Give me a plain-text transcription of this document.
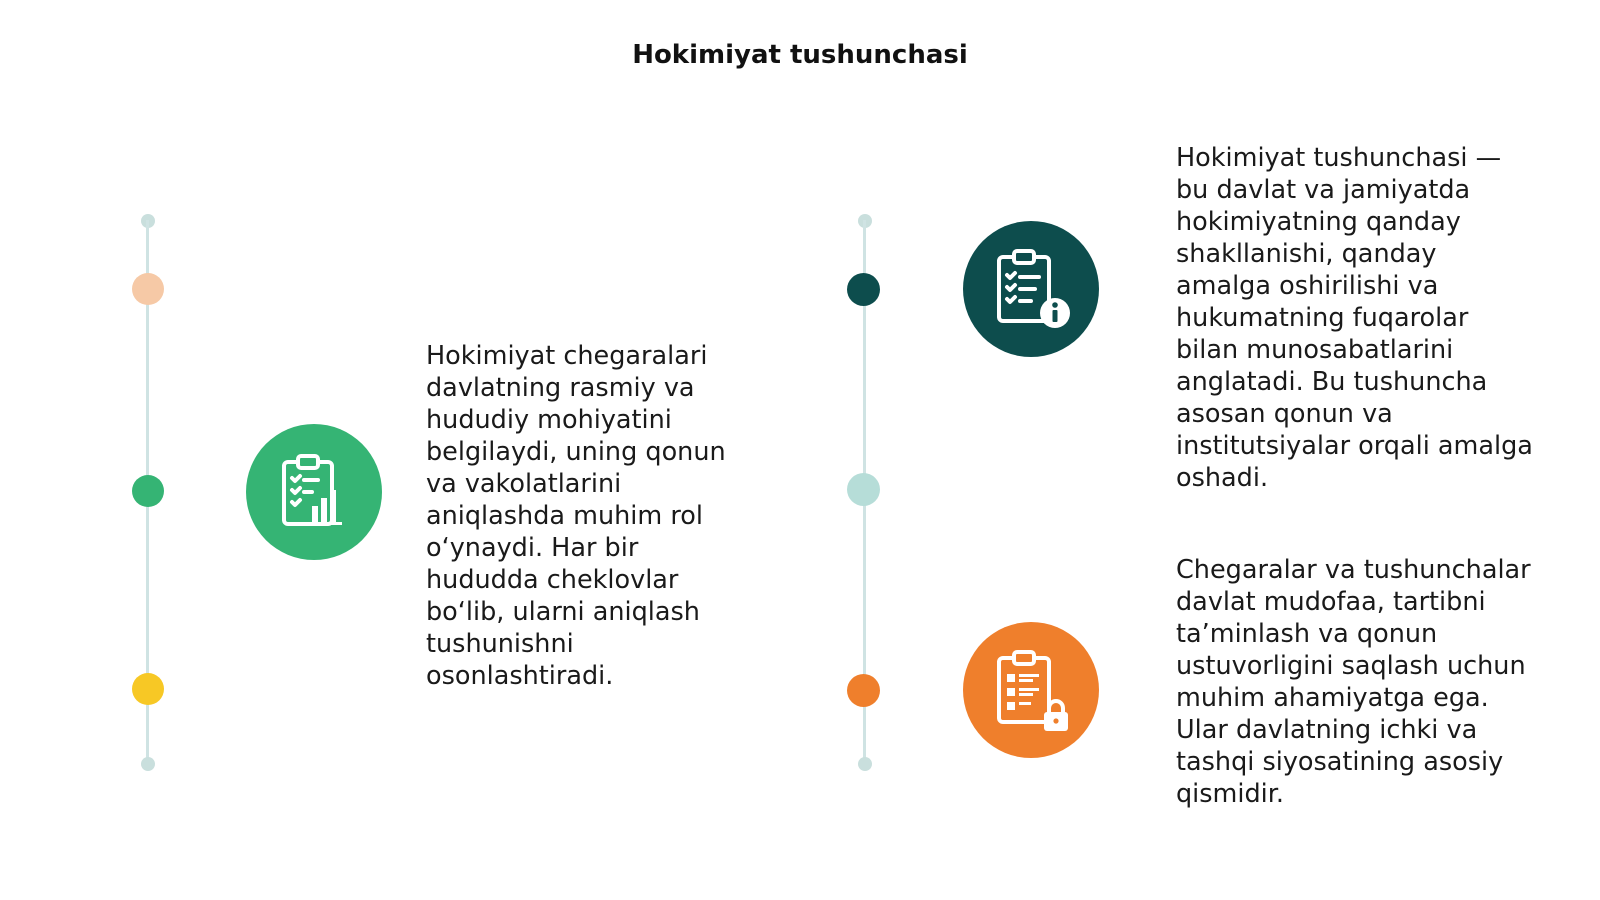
Hokimiyat tushunchasi
Hokimiyat chegaralari
davlatning rasmiy va
hududiy mohiyatini
belgilaydi, uning qonun
va vakolatlarini
aniqlashda muhim rol
o‘ynaydi. Har bir
hududda cheklovlar
bo‘lib, ularni aniqlash
tushunishni
osonlashtiradi.
Hokimiyat tushunchasi —
bu davlat va jamiyatda
hokimiyatning qanday
shakllanishi, qanday
amalga oshirilishi va
hukumatning fuqarolar
bilan munosabatlarini
anglatadi. Bu tushuncha
asosan qonun va
institutsiyalar orqali amalga
oshadi.
Chegaralar va tushunchalar
davlat mudofaa, tartibni
ta’minlash va qonun
ustuvorligini saqlash uchun
muhim ahamiyatga ega.
Ular davlatning ichki va
tashqi siyosatining asosiy
qismidir.
